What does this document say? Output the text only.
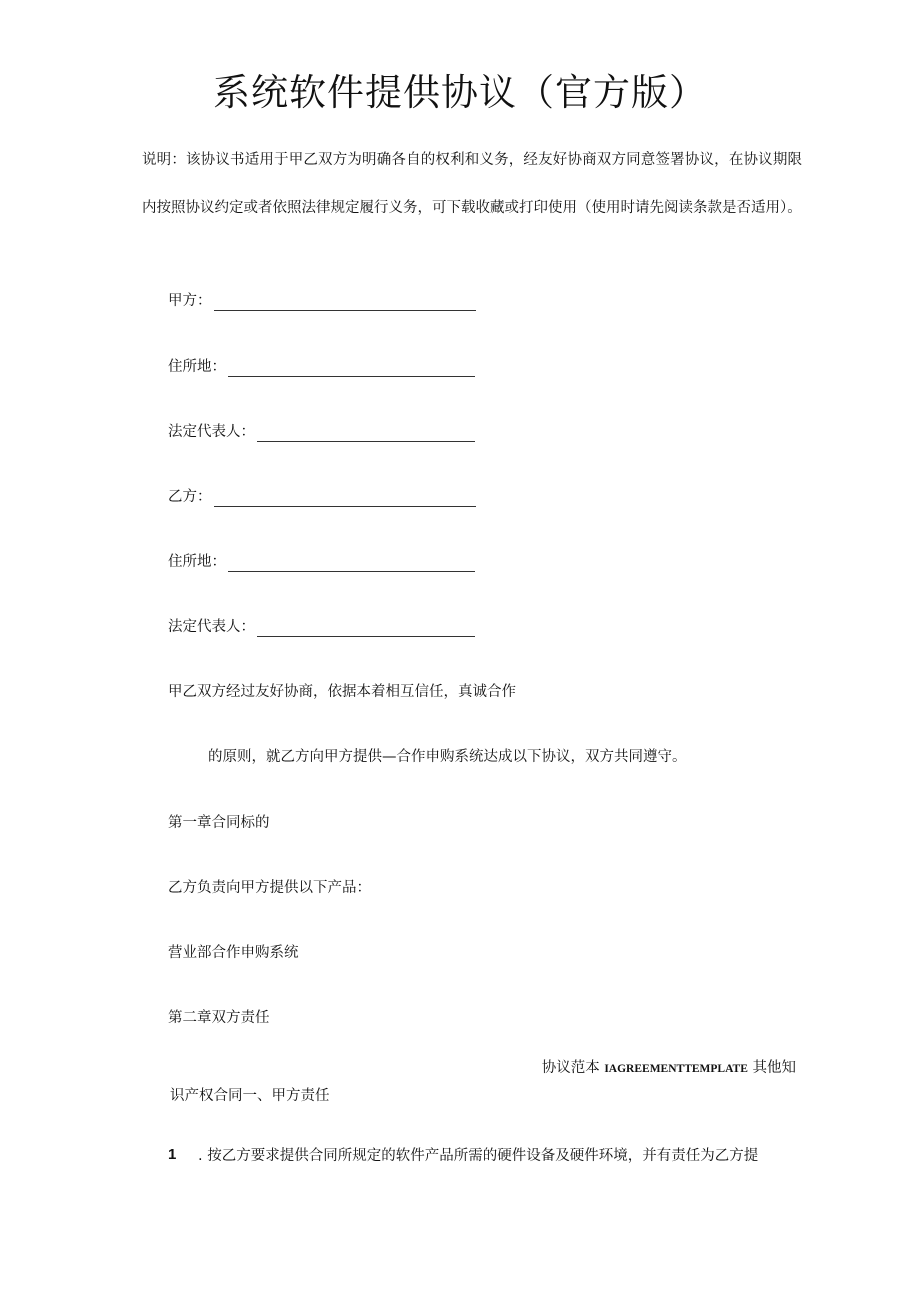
系统软件提供协议（官方版）

说明：该协议书适用于甲乙双方为明确各自的权利和义务，经友好协商双方同意签署协议，在协议期限内按照协议约定或者依照法律规定履行义务，可下载收藏或打印使用（使用时请先阅读条款是否适用）。

甲方：
住所地：
法定代表人：
乙方：
住所地：
法定代表人：

甲乙双方经过友好协商，依据本着相互信任，真诚合作

的原则，就乙方向甲方提供—合作申购系统达成以下协议，双方共同遵守。

第一章合同标的

乙方负责向甲方提供以下产品：

营业部合作申购系统

第二章双方责任

协议范本 IAGREEMENTTEMPLATE 其他知

识产权合同一、甲方责任

1 . 按乙方要求提供合同所规定的软件产品所需的硬件设备及硬件环境，并有责任为乙方提
